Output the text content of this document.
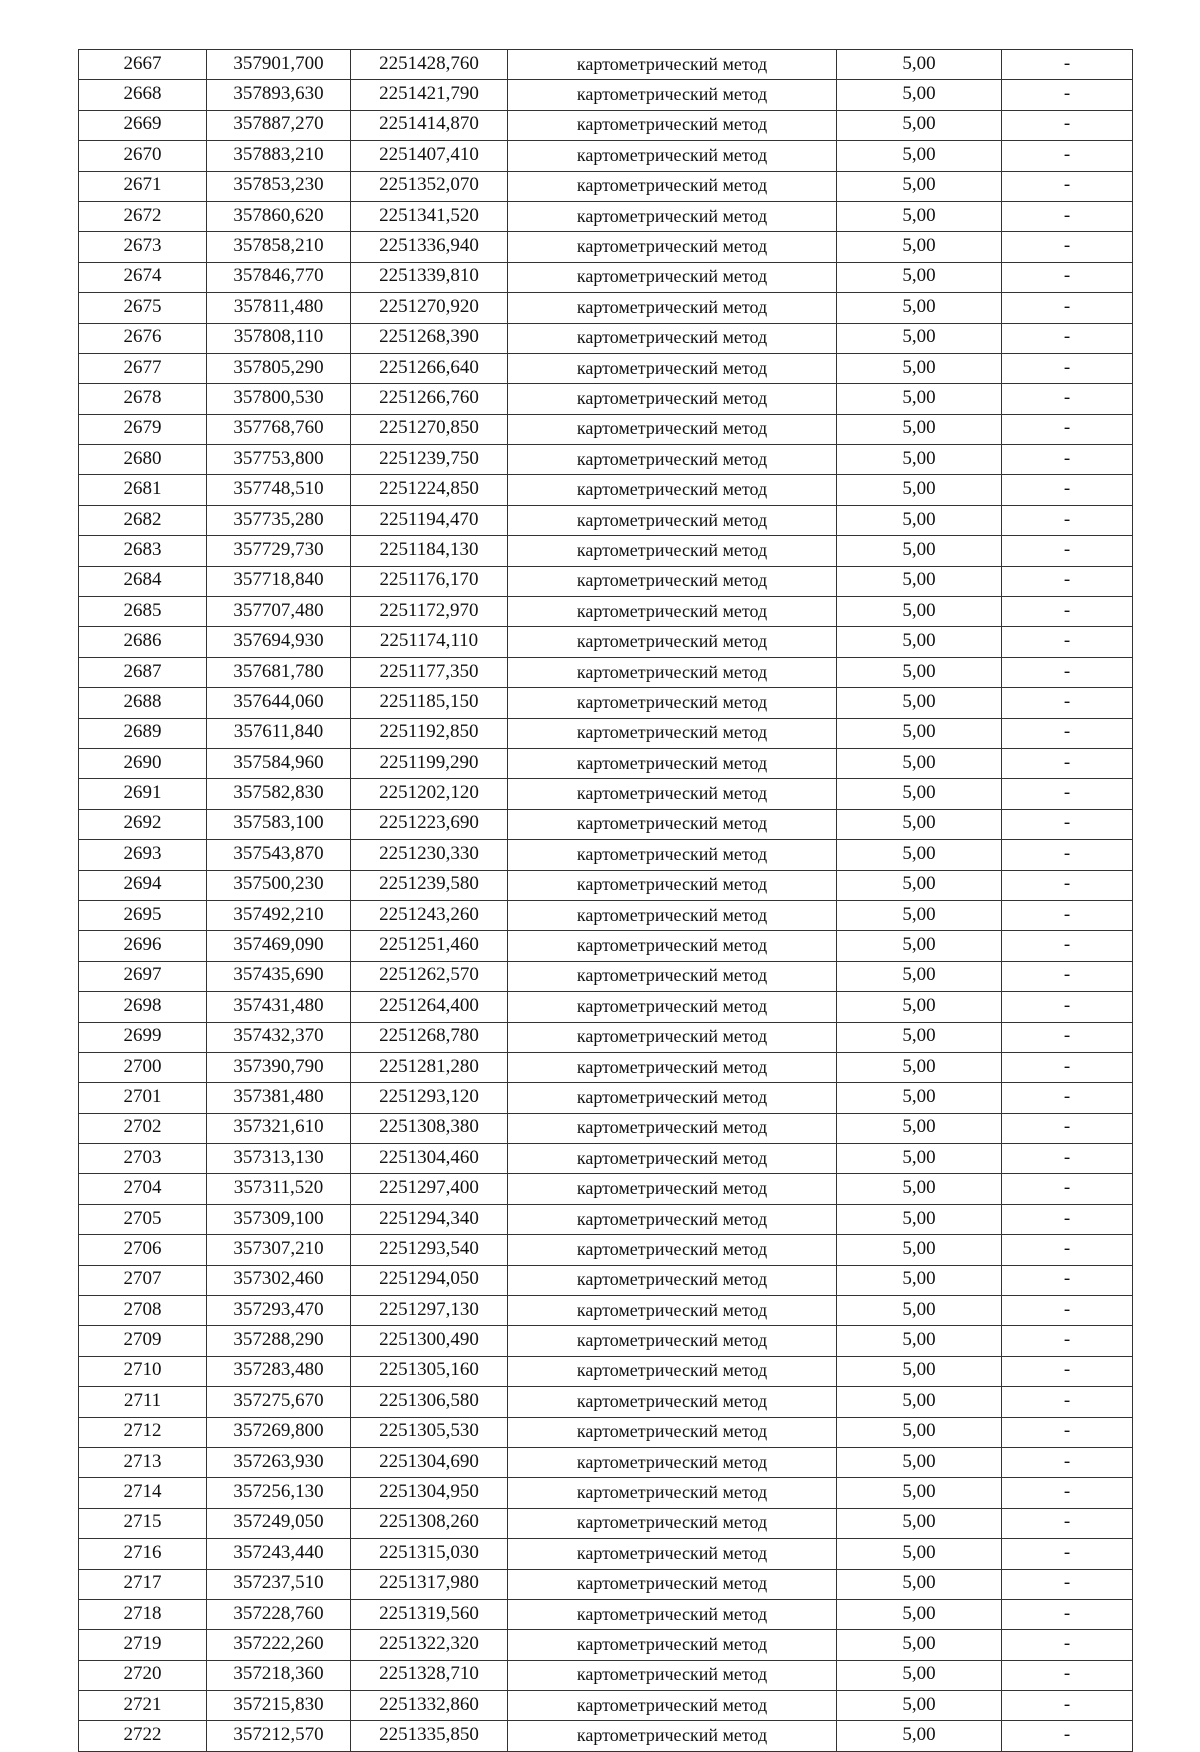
2667	357901,700	2251428,760	картометрический метод	5,00	-
2668	357893,630	2251421,790	картометрический метод	5,00	-
2669	357887,270	2251414,870	картометрический метод	5,00	-
2670	357883,210	2251407,410	картометрический метод	5,00	-
2671	357853,230	2251352,070	картометрический метод	5,00	-
2672	357860,620	2251341,520	картометрический метод	5,00	-
2673	357858,210	2251336,940	картометрический метод	5,00	-
2674	357846,770	2251339,810	картометрический метод	5,00	-
2675	357811,480	2251270,920	картометрический метод	5,00	-
2676	357808,110	2251268,390	картометрический метод	5,00	-
2677	357805,290	2251266,640	картометрический метод	5,00	-
2678	357800,530	2251266,760	картометрический метод	5,00	-
2679	357768,760	2251270,850	картометрический метод	5,00	-
2680	357753,800	2251239,750	картометрический метод	5,00	-
2681	357748,510	2251224,850	картометрический метод	5,00	-
2682	357735,280	2251194,470	картометрический метод	5,00	-
2683	357729,730	2251184,130	картометрический метод	5,00	-
2684	357718,840	2251176,170	картометрический метод	5,00	-
2685	357707,480	2251172,970	картометрический метод	5,00	-
2686	357694,930	2251174,110	картометрический метод	5,00	-
2687	357681,780	2251177,350	картометрический метод	5,00	-
2688	357644,060	2251185,150	картометрический метод	5,00	-
2689	357611,840	2251192,850	картометрический метод	5,00	-
2690	357584,960	2251199,290	картометрический метод	5,00	-
2691	357582,830	2251202,120	картометрический метод	5,00	-
2692	357583,100	2251223,690	картометрический метод	5,00	-
2693	357543,870	2251230,330	картометрический метод	5,00	-
2694	357500,230	2251239,580	картометрический метод	5,00	-
2695	357492,210	2251243,260	картометрический метод	5,00	-
2696	357469,090	2251251,460	картометрический метод	5,00	-
2697	357435,690	2251262,570	картометрический метод	5,00	-
2698	357431,480	2251264,400	картометрический метод	5,00	-
2699	357432,370	2251268,780	картометрический метод	5,00	-
2700	357390,790	2251281,280	картометрический метод	5,00	-
2701	357381,480	2251293,120	картометрический метод	5,00	-
2702	357321,610	2251308,380	картометрический метод	5,00	-
2703	357313,130	2251304,460	картометрический метод	5,00	-
2704	357311,520	2251297,400	картометрический метод	5,00	-
2705	357309,100	2251294,340	картометрический метод	5,00	-
2706	357307,210	2251293,540	картометрический метод	5,00	-
2707	357302,460	2251294,050	картометрический метод	5,00	-
2708	357293,470	2251297,130	картометрический метод	5,00	-
2709	357288,290	2251300,490	картометрический метод	5,00	-
2710	357283,480	2251305,160	картометрический метод	5,00	-
2711	357275,670	2251306,580	картометрический метод	5,00	-
2712	357269,800	2251305,530	картометрический метод	5,00	-
2713	357263,930	2251304,690	картометрический метод	5,00	-
2714	357256,130	2251304,950	картометрический метод	5,00	-
2715	357249,050	2251308,260	картометрический метод	5,00	-
2716	357243,440	2251315,030	картометрический метод	5,00	-
2717	357237,510	2251317,980	картометрический метод	5,00	-
2718	357228,760	2251319,560	картометрический метод	5,00	-
2719	357222,260	2251322,320	картометрический метод	5,00	-
2720	357218,360	2251328,710	картометрический метод	5,00	-
2721	357215,830	2251332,860	картометрический метод	5,00	-
2722	357212,570	2251335,850	картометрический метод	5,00	-
